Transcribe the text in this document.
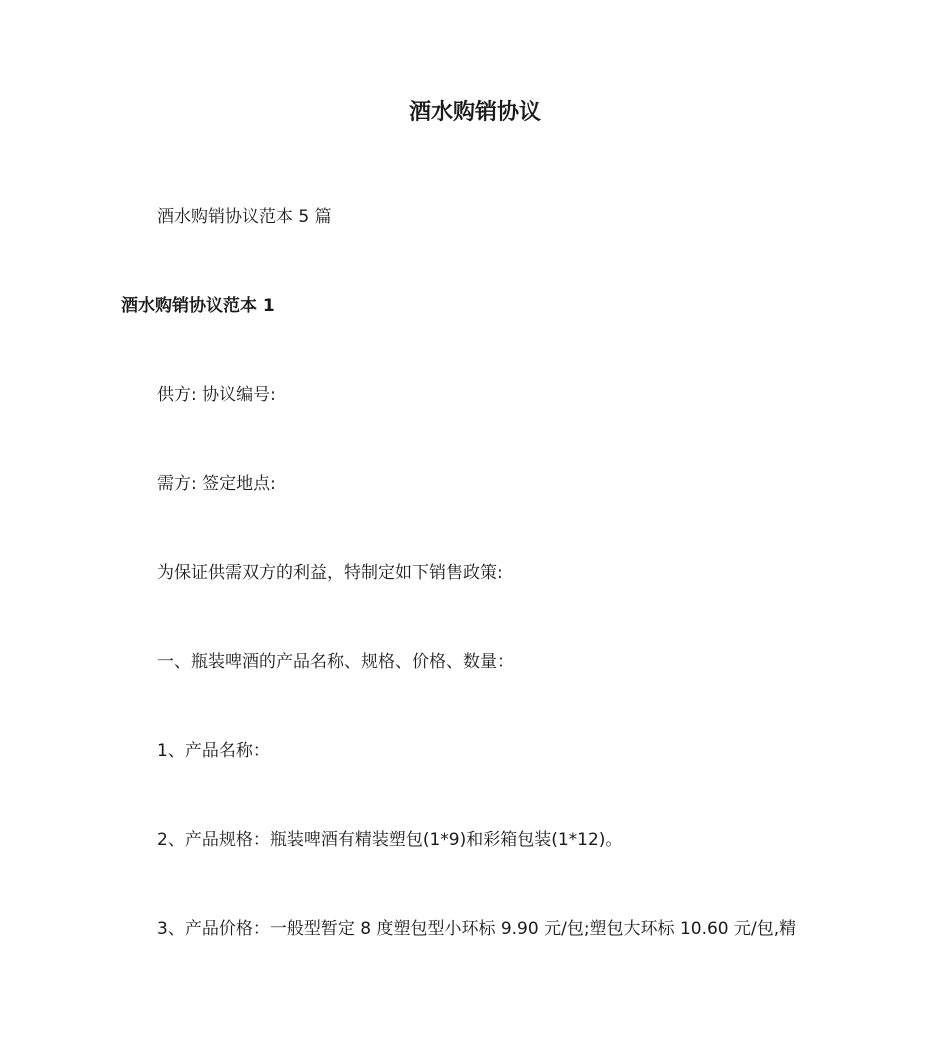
酒水购销协议
酒水购销协议范本 5 篇
酒水购销协议范本 1
供方: 协议编号:
需方: 签定地点:
为保证供需双方的利益，特制定如下销售政策:
一、瓶装啤酒的产品名称、规格、价格、数量：
1、产品名称：
2、产品规格：瓶装啤酒有精装塑包(1*9)和彩箱包装(1*12)。
3、产品价格：一般型暂定 8 度塑包型小环标 9.90 元/包;塑包大环标 10.60 元/包,精
